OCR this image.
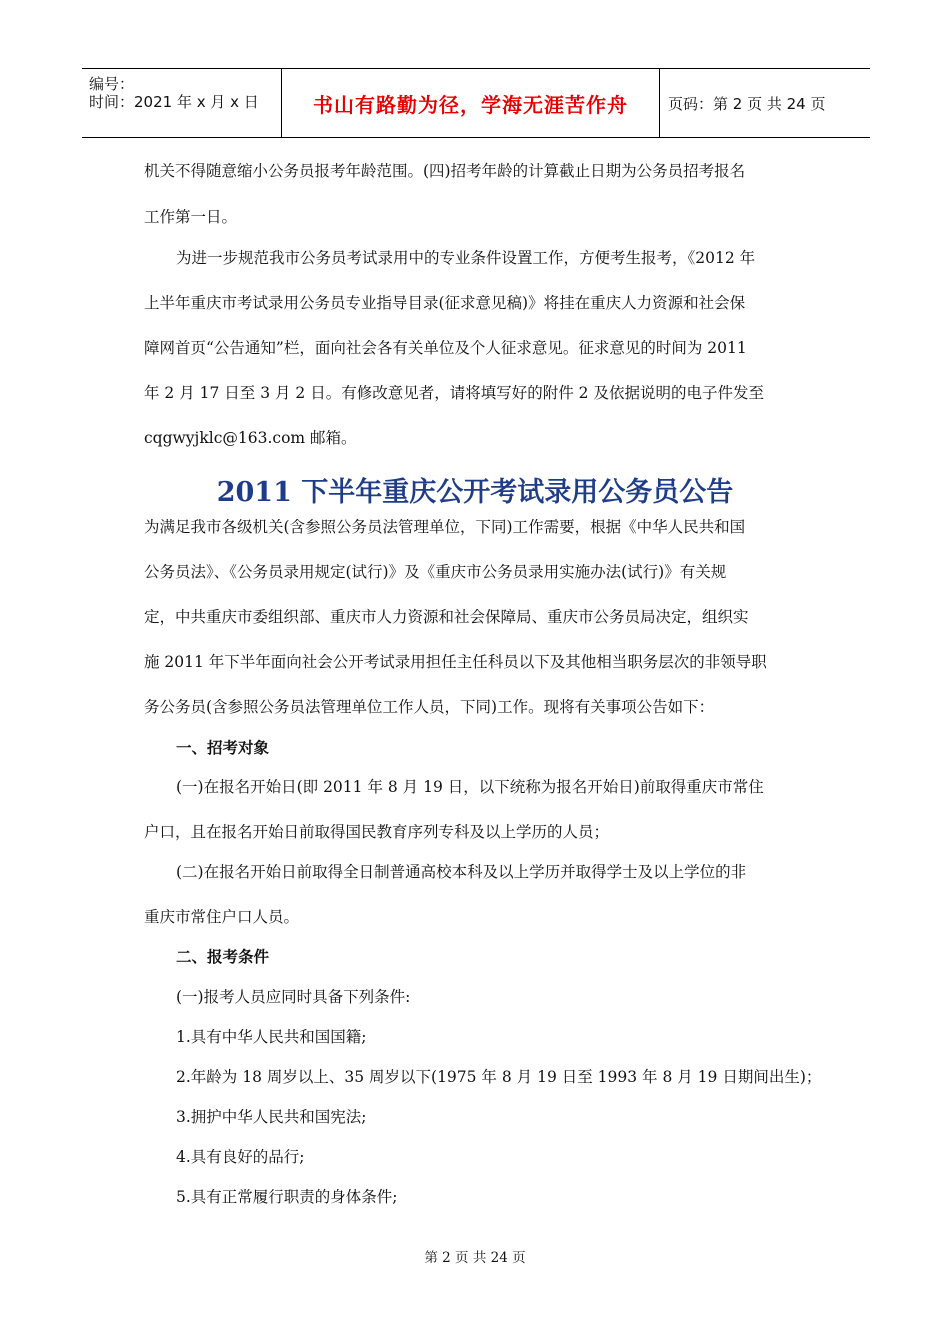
编号：
时间：2021 年 x 月 x 日	书山有路勤为径，学海无涯苦作舟	页码：第 2 页 共 24 页
机关不得随意缩小公务员报考年龄范围。(四)招考年龄的计算截止日期为公务员招考报名
工作第一日。
为进一步规范我市公务员考试录用中的专业条件设置工作，方便考生报考，《2012 年
上半年重庆市考试录用公务员专业指导目录(征求意见稿)》将挂在重庆人力资源和社会保
障网首页“公告通知”栏，面向社会各有关单位及个人征求意见。征求意见的时间为 2011
年 2 月 17 日至 3 月 2 日。有修改意见者，请将填写好的附件 2 及依据说明的电子件发至
cqgwyjklc@163.com 邮箱。
2011 下半年重庆公开考试录用公务员公告
为满足我市各级机关(含参照公务员法管理单位，下同)工作需要，根据《中华人民共和国
公务员法》、《公务员录用规定(试行)》及《重庆市公务员录用实施办法(试行)》有关规
定，中共重庆市委组织部、重庆市人力资源和社会保障局、重庆市公务员局决定，组织实
施 2011 年下半年面向社会公开考试录用担任主任科员以下及其他相当职务层次的非领导职
务公务员(含参照公务员法管理单位工作人员，下同)工作。现将有关事项公告如下：
一、招考对象
(一)在报名开始日(即 2011 年 8 月 19 日，以下统称为报名开始日)前取得重庆市常住
户口，且在报名开始日前取得国民教育序列专科及以上学历的人员；
(二)在报名开始日前取得全日制普通高校本科及以上学历并取得学士及以上学位的非
重庆市常住户口人员。
二、报考条件
(一)报考人员应同时具备下列条件:
1.具有中华人民共和国国籍;
2.年龄为 18 周岁以上、35 周岁以下(1975 年 8 月 19 日至 1993 年 8 月 19 日期间出生)；
3.拥护中华人民共和国宪法;
4.具有良好的品行;
5.具有正常履行职责的身体条件;
第 2 页 共 24 页
